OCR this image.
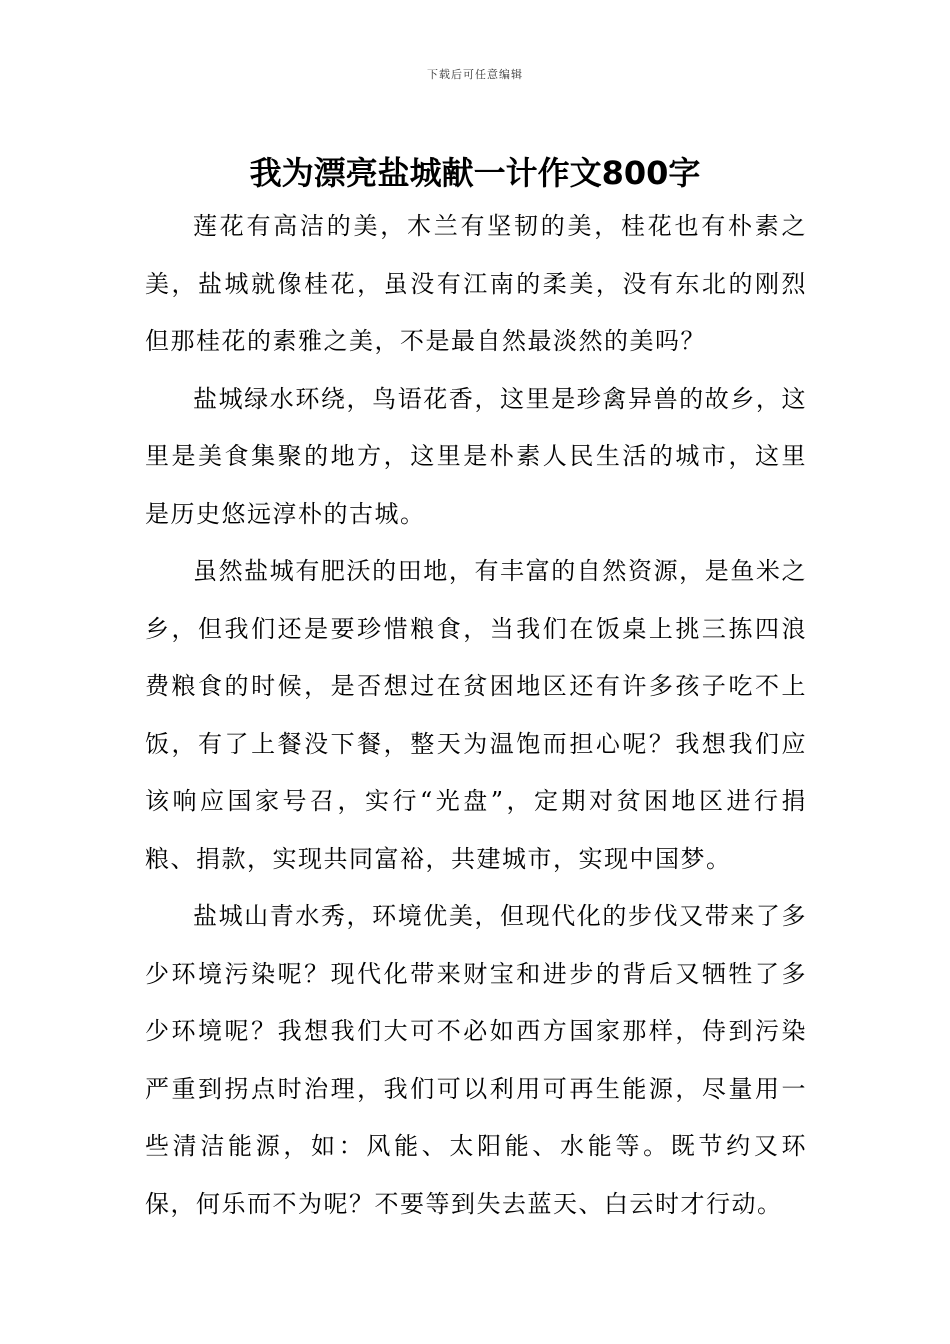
下载后可任意编辑
我为漂亮盐城献一计作文800字

莲花有高洁的美，木兰有坚韧的美，桂花也有朴素之美，盐城就像桂花，虽没有江南的柔美，没有东北的刚烈但那桂花的素雅之美，不是最自然最淡然的美吗？

盐城绿水环绕，鸟语花香，这里是珍禽异兽的故乡，这里是美食集聚的地方，这里是朴素人民生活的城市，这里是历史悠远淳朴的古城。

虽然盐城有肥沃的田地，有丰富的自然资源，是鱼米之乡，但我们还是要珍惜粮食，当我们在饭桌上挑三拣四浪费粮食的时候，是否想过在贫困地区还有许多孩子吃不上饭，有了上餐没下餐，整天为温饱而担心呢？我想我们应该响应国家号召，实行“光盘”，定期对贫困地区进行捐粮、捐款，实现共同富裕，共建城市，实现中国梦。

盐城山青水秀，环境优美，但现代化的步伐又带来了多少环境污染呢？现代化带来财宝和进步的背后又牺牲了多少环境呢？我想我们大可不必如西方国家那样，侍到污染严重到拐点时治理，我们可以利用可再生能源，尽量用一些清洁能源，如：风能、太阳能、水能等。既节约又环保，何乐而不为呢？不要等到失去蓝天、白云时才行动。
